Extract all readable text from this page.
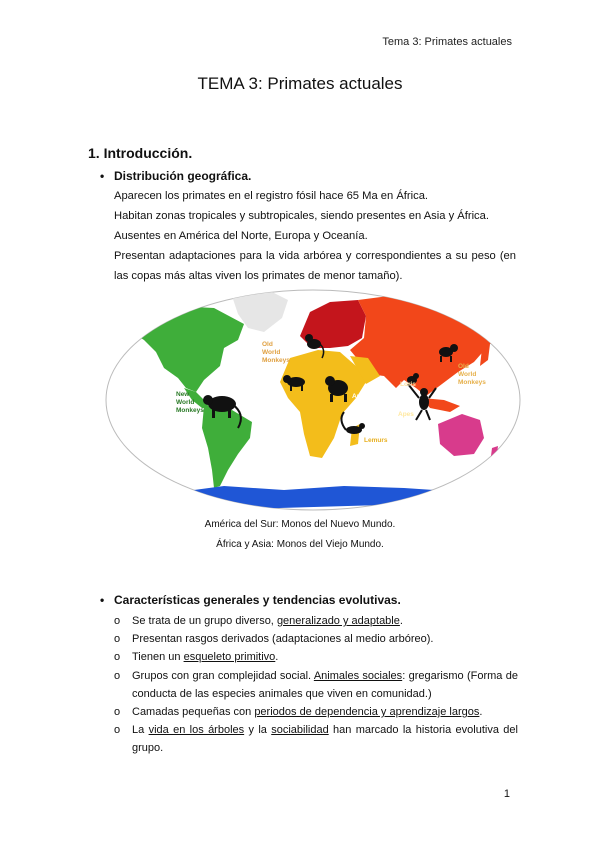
Tema 3: Primates actuales
TEMA 3: Primates actuales
1. Introducción.
• Distribución geográfica.

Aparecen los primates en el registro fósil hace 65 Ma en África.

Habitan zonas tropicales y subtropicales, siendo presentes en Asia y África.

Ausentes en América del Norte, Europa y Oceanía.

Presentan adaptaciones para la vida arbórea y correspondientes a su peso (en las copas más altas viven los primates de menor tamaño).

New World Monkeys
Old World Monkeys
Old World Monkeys
Apes
Apes
Lemurs
Loris
América del Sur: Monos del Nuevo Mundo.
África y Asia: Monos del Viejo Mundo.
• Características generales y tendencias evolutivas.
o Se trata de un grupo diverso, generalizado y adaptable.
o Presentan rasgos derivados (adaptaciones al medio arbóreo).
o Tienen un esqueleto primitivo.
o Grupos con gran complejidad social. Animales sociales: gregarismo (Forma de conducta de las especies animales que viven en comunidad.)
o Camadas pequeñas con periodos de dependencia y aprendizaje largos.
o La vida en los árboles y la sociabilidad han marcado la historia evolutiva del grupo.
1
